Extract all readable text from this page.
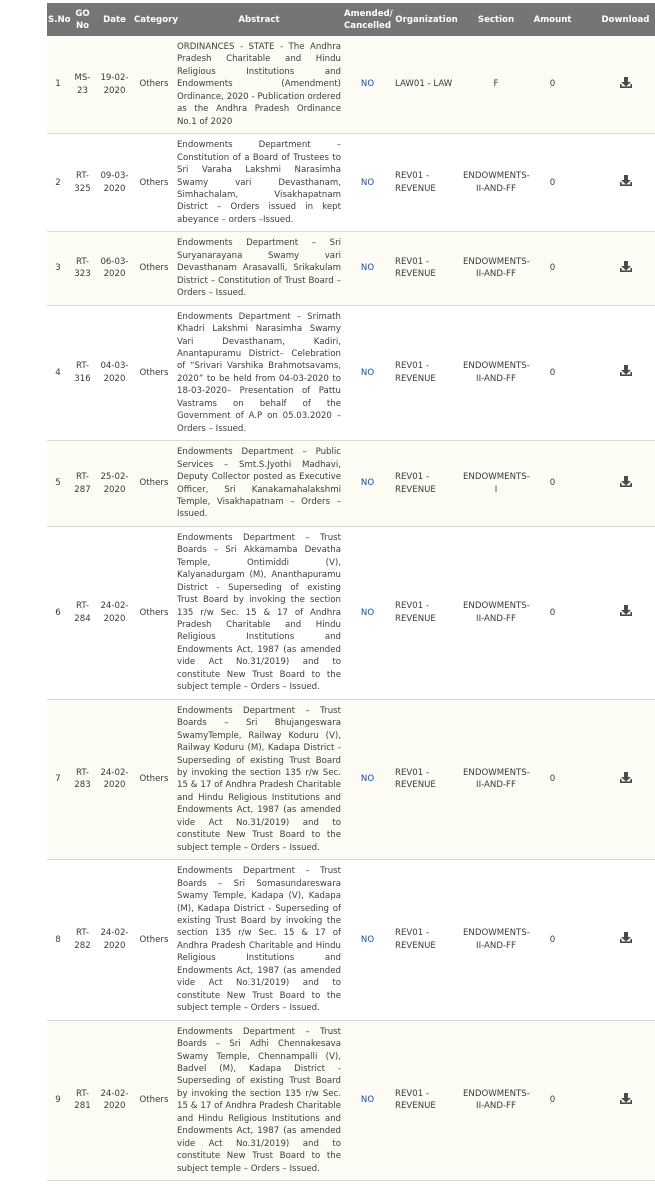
S.No	GO No	Date	Category	Abstract	Amended/ Cancelled	Organization	Section	Amount	Download
1	MS-23	19-02-2020	Others	ORDINANCES - STATE - The Andhra Pradesh Charitable and Hindu Religious Institutions and Endowments (Amendment) Ordinance, 2020 - Publication ordered as the Andhra Pradesh Ordinance No.1 of 2020	NO	LAW01 - LAW	F	0	
2	RT-325	09-03-2020	Others	Endowments Department – Constitution of a Board of Trustees to Sri Varaha Lakshmi Narasimha Swamy vari Devasthanam, Simhachalam, Visakhapatnam District – Orders issued in kept abeyance – orders –Issued.	NO	REV01 - REVENUE	ENDOWMENTS-II-AND-FF	0	
3	RT-323	06-03-2020	Others	Endowments Department – Sri Suryanarayana Swamy vari Devasthanam Arasavalli, Srikakulam District – Constitution of Trust Board – Orders – Issued.	NO	REV01 - REVENUE	ENDOWMENTS-II-AND-FF	0	
4	RT-316	04-03-2020	Others	Endowments Department – Srimath Khadri Lakshmi Narasimha Swamy Vari Devasthanam, Kadiri, Anantapuramu District– Celebration of “Srivari Varshika Brahmotsavams, 2020” to be held from 04-03-2020 to 18-03-2020– Presentation of Pattu Vastrams on behalf of the Government of A.P on 05.03.2020 – Orders – Issued.	NO	REV01 - REVENUE	ENDOWMENTS-II-AND-FF	0	
5	RT-287	25-02-2020	Others	Endowments Department – Public Services – Smt.S.Jyothi Madhavi, Deputy Collector posted as Executive Officer, Sri Kanakamahalakshmi Temple, Visakhapatnam – Orders – Issued.	NO	REV01 - REVENUE	ENDOWMENTS-I	0	
6	RT-284	24-02-2020	Others	Endowments Department – Trust Boards – Sri Akkamamba Devatha Temple, Ontimiddi (V), Kalyanadurgam (M), Ananthapuramu District - Superseding of existing Trust Board by invoking the section 135 r/w Sec. 15 & 17 of Andhra Pradesh Charitable and Hindu Religious Institutions and Endowments Act, 1987 (as amended vide Act No.31/2019) and to constitute New Trust Board to the subject temple – Orders – Issued.	NO	REV01 - REVENUE	ENDOWMENTS-II-AND-FF	0	
7	RT-283	24-02-2020	Others	Endowments Department – Trust Boards – Sri Bhujangeswara SwamyTemple, Railway Koduru (V), Railway Koduru (M), Kadapa District - Superseding of existing Trust Board by invoking the section 135 r/w Sec. 15 & 17 of Andhra Pradesh Charitable and Hindu Religious Institutions and Endowments Act, 1987 (as amended vide Act No.31/2019) and to constitute New Trust Board to the subject temple – Orders – Issued.	NO	REV01 - REVENUE	ENDOWMENTS-II-AND-FF	0	
8	RT-282	24-02-2020	Others	Endowments Department – Trust Boards – Sri Somasundareswara Swamy Temple, Kadapa (V), Kadapa (M), Kadapa District - Superseding of existing Trust Board by invoking the section 135 r/w Sec. 15 & 17 of Andhra Pradesh Charitable and Hindu Religious Institutions and Endowments Act, 1987 (as amended vide Act No.31/2019) and to constitute New Trust Board to the subject temple – Orders – Issued.	NO	REV01 - REVENUE	ENDOWMENTS-II-AND-FF	0	
9	RT-281	24-02-2020	Others	Endowments Department – Trust Boards – Sri Adhi Chennakesava Swamy Temple, Chennampalli (V), Badvel (M), Kadapa District - Superseding of existing Trust Board by invoking the section 135 r/w Sec. 15 & 17 of Andhra Pradesh Charitable and Hindu Religious Institutions and Endowments Act, 1987 (as amended vide Act No.31/2019) and to constitute New Trust Board to the subject temple – Orders – Issued.	NO	REV01 - REVENUE	ENDOWMENTS-II-AND-FF	0	
